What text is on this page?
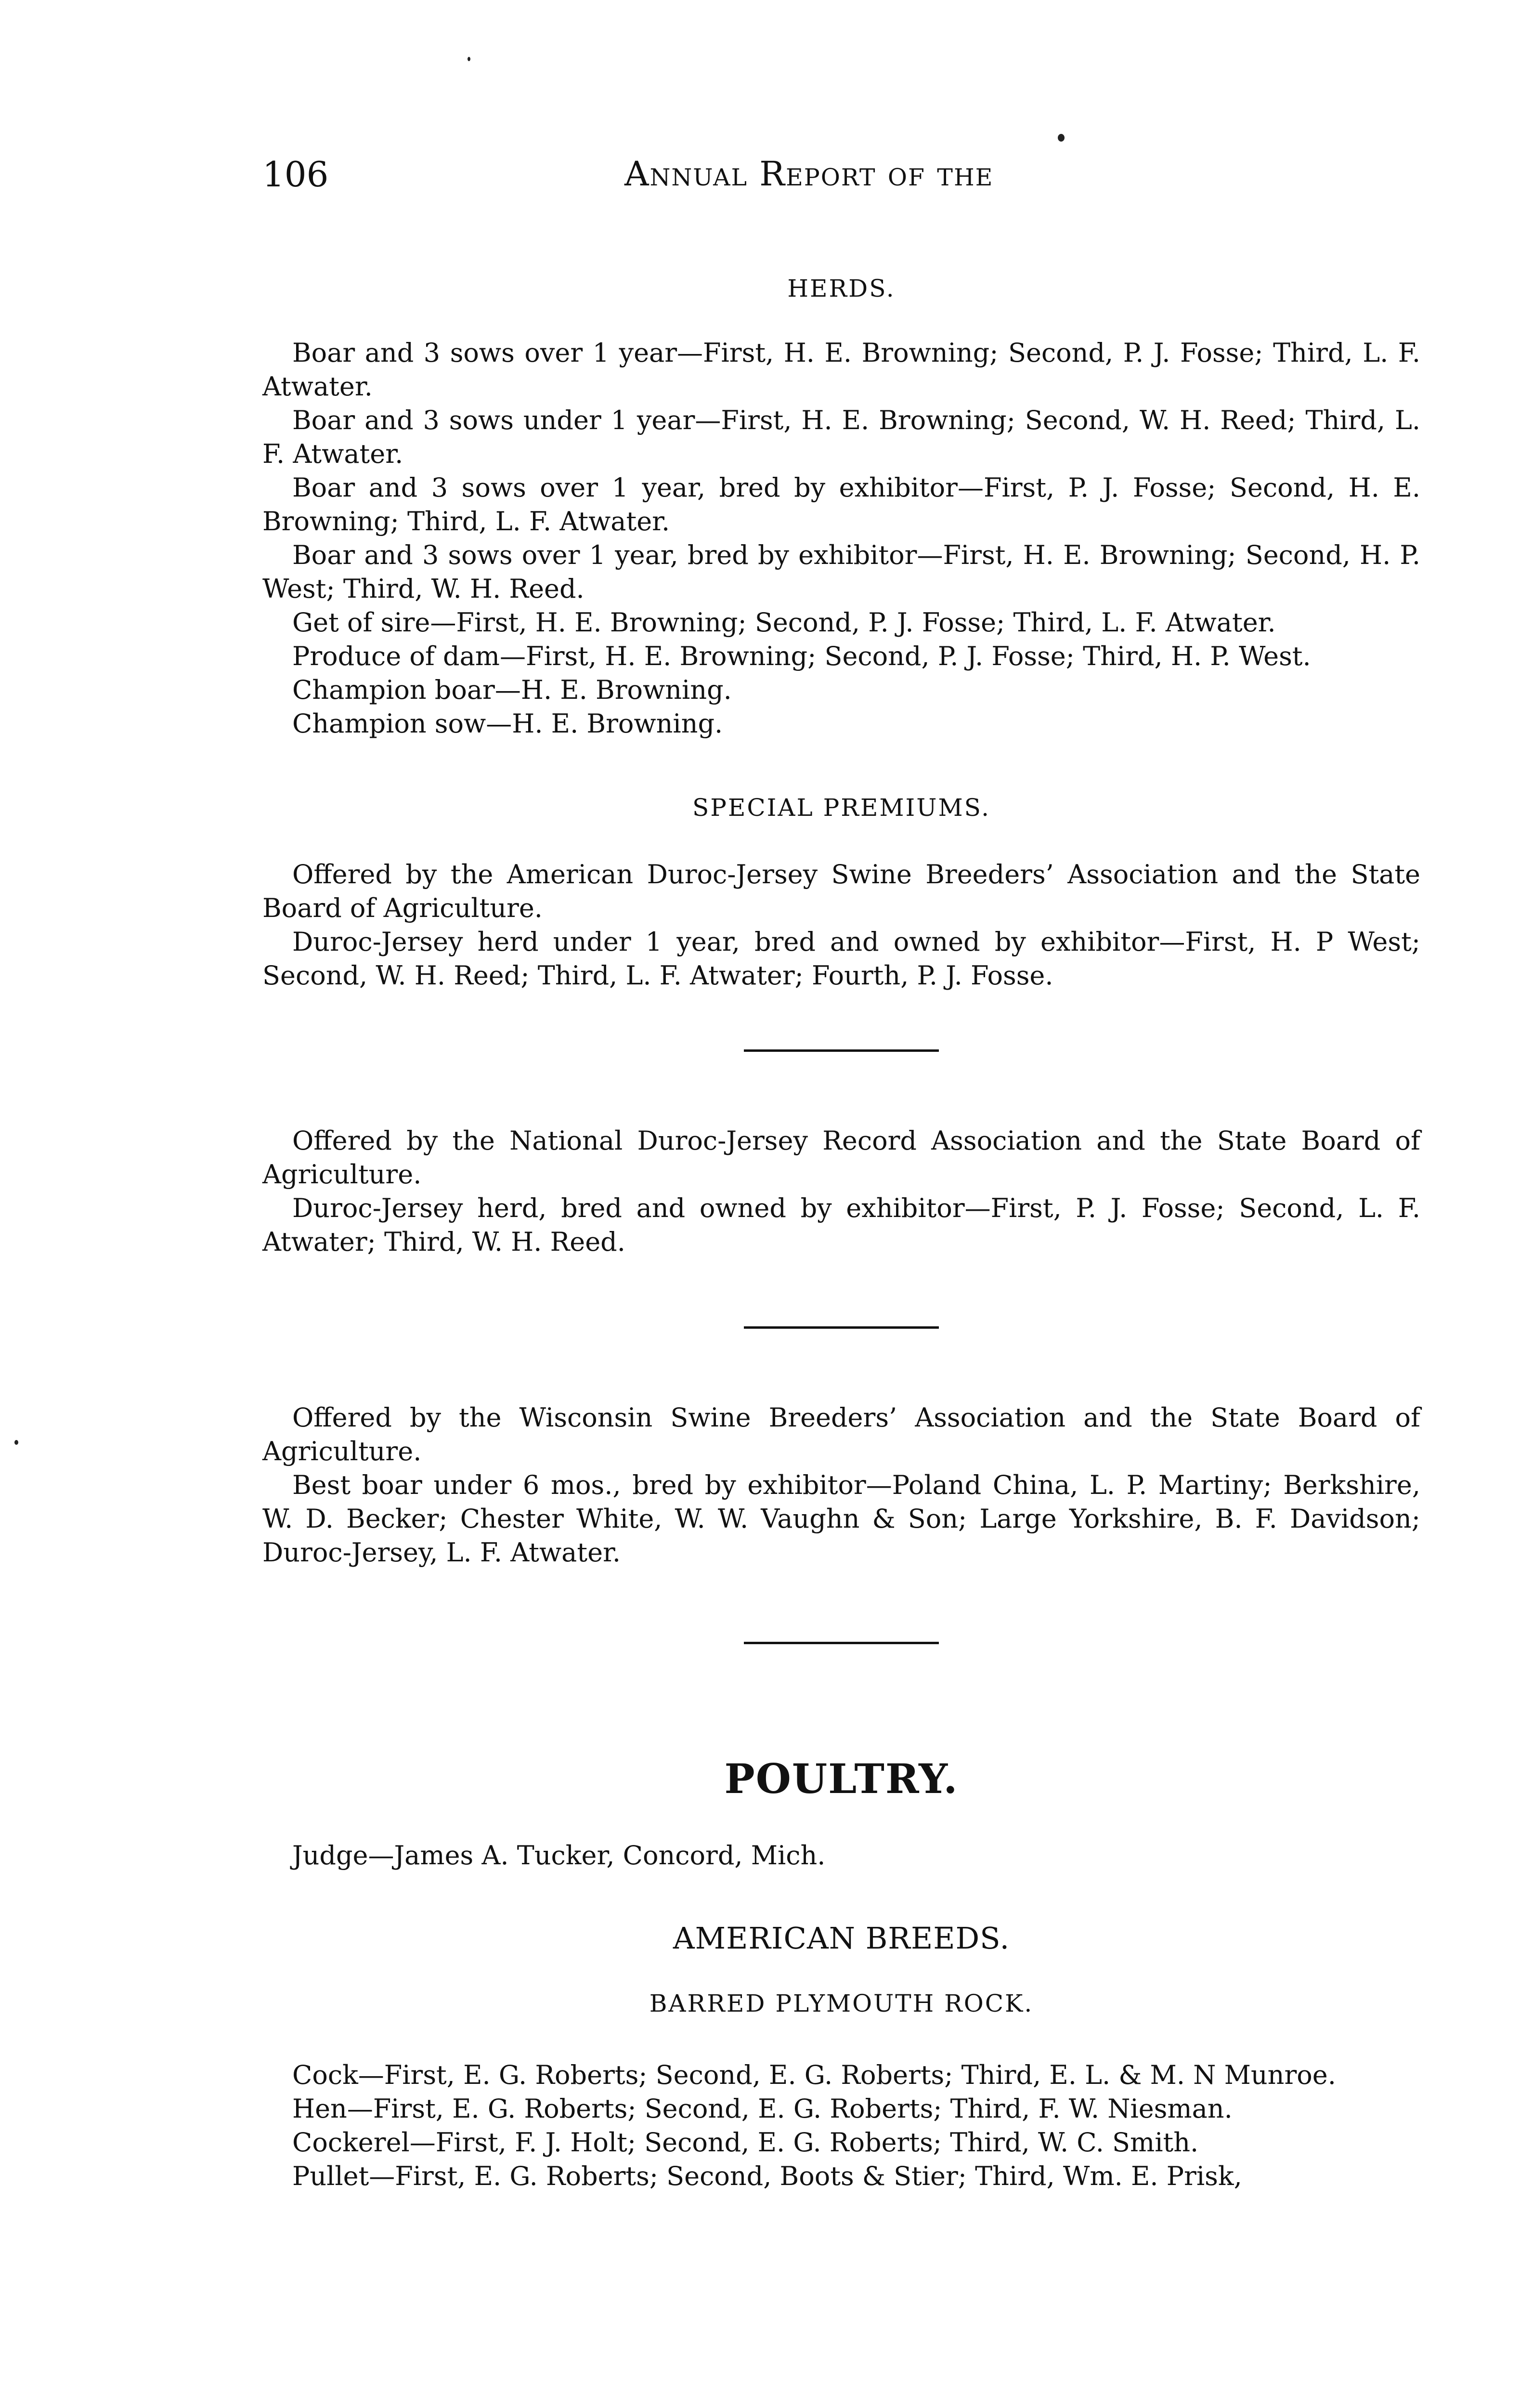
106	Annual Report of the
HERDS.

Boar and 3 sows over 1 year—First, H. E. Browning; Second, P. J. Fosse; Third, L. F. Atwater.

Boar and 3 sows under 1 year—First, H. E. Browning; Second, W. H. Reed; Third, L. F. Atwater.

Boar and 3 sows over 1 year, bred by exhibitor—First, P. J. Fosse; Second, H. E. Browning; Third, L. F. Atwater.

Boar and 3 sows over 1 year, bred by exhibitor—First, H. E. Browning; Second, H. P. West; Third, W. H. Reed.

Get of sire—First, H. E. Browning; Second, P. J. Fosse; Third, L. F. Atwater.

Produce of dam—First, H. E. Browning; Second, P. J. Fosse; Third, H. P. West.

Champion boar—H. E. Browning.

Champion sow—H. E. Browning.

SPECIAL PREMIUMS.

Offered by the American Duroc-Jersey Swine Breeders’ Association and the State Board of Agriculture.

Duroc-Jersey herd under 1 year, bred and owned by exhibitor—First, H. P West; Second, W. H. Reed; Third, L. F. Atwater; Fourth, P. J. Fosse.

Offered by the National Duroc-Jersey Record Association and the State Board of Agriculture.

Duroc-Jersey herd, bred and owned by exhibitor—First, P. J. Fosse; Second, L. F. Atwater; Third, W. H. Reed.

Offered by the Wisconsin Swine Breeders’ Association and the State Board of Agriculture.

Best boar under 6 mos., bred by exhibitor—Poland China, L. P. Martiny; Berkshire, W. D. Becker; Chester White, W. W. Vaughn & Son; Large Yorkshire, B. F. Davidson; Duroc-Jersey, L. F. Atwater.

POULTRY.

Judge—James A. Tucker, Concord, Mich.

AMERICAN BREEDS.
BARRED PLYMOUTH ROCK.

Cock—First, E. G. Roberts; Second, E. G. Roberts; Third, E. L. & M. N Munroe.

Hen—First, E. G. Roberts; Second, E. G. Roberts; Third, F. W. Niesman.

Cockerel—First, F. J. Holt; Second, E. G. Roberts; Third, W. C. Smith.

Pullet—First, E. G. Roberts; Second, Boots & Stier; Third, Wm. E. Prisk,
